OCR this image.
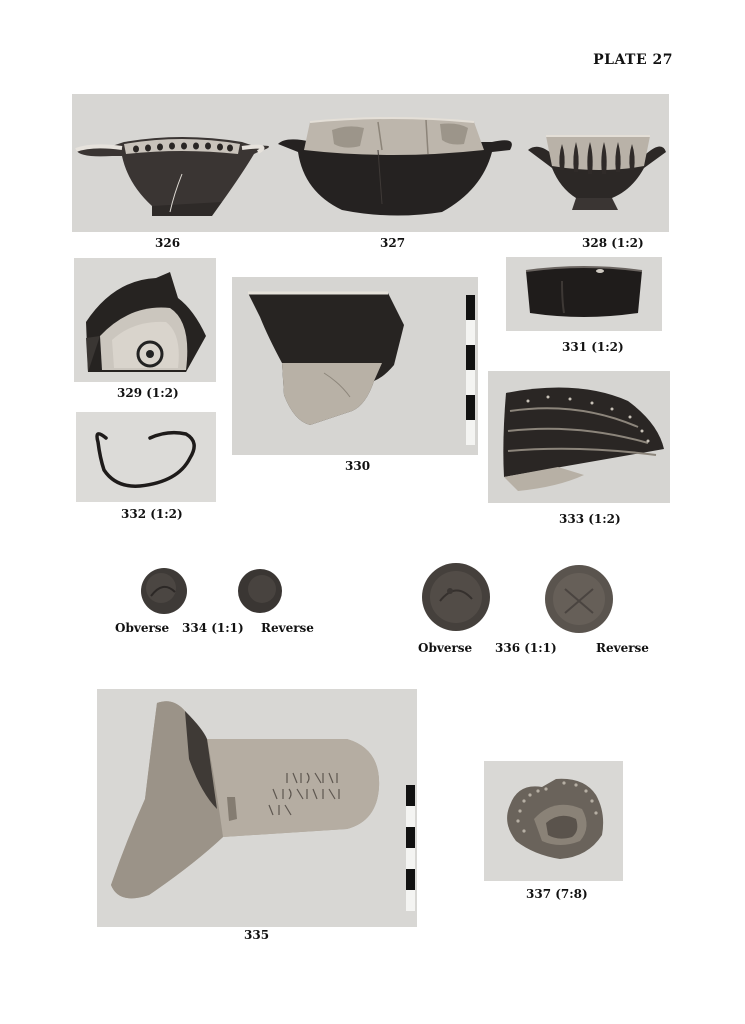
PLATE 27
326	327	328 (1:2)
329 (1:2)
330
331 (1:2)
332 (1:2)	333 (1:2)
Obverse 334 (1:1) Reverse
Obverse 336 (1:1)	Reverse
335
337 (7:8)
